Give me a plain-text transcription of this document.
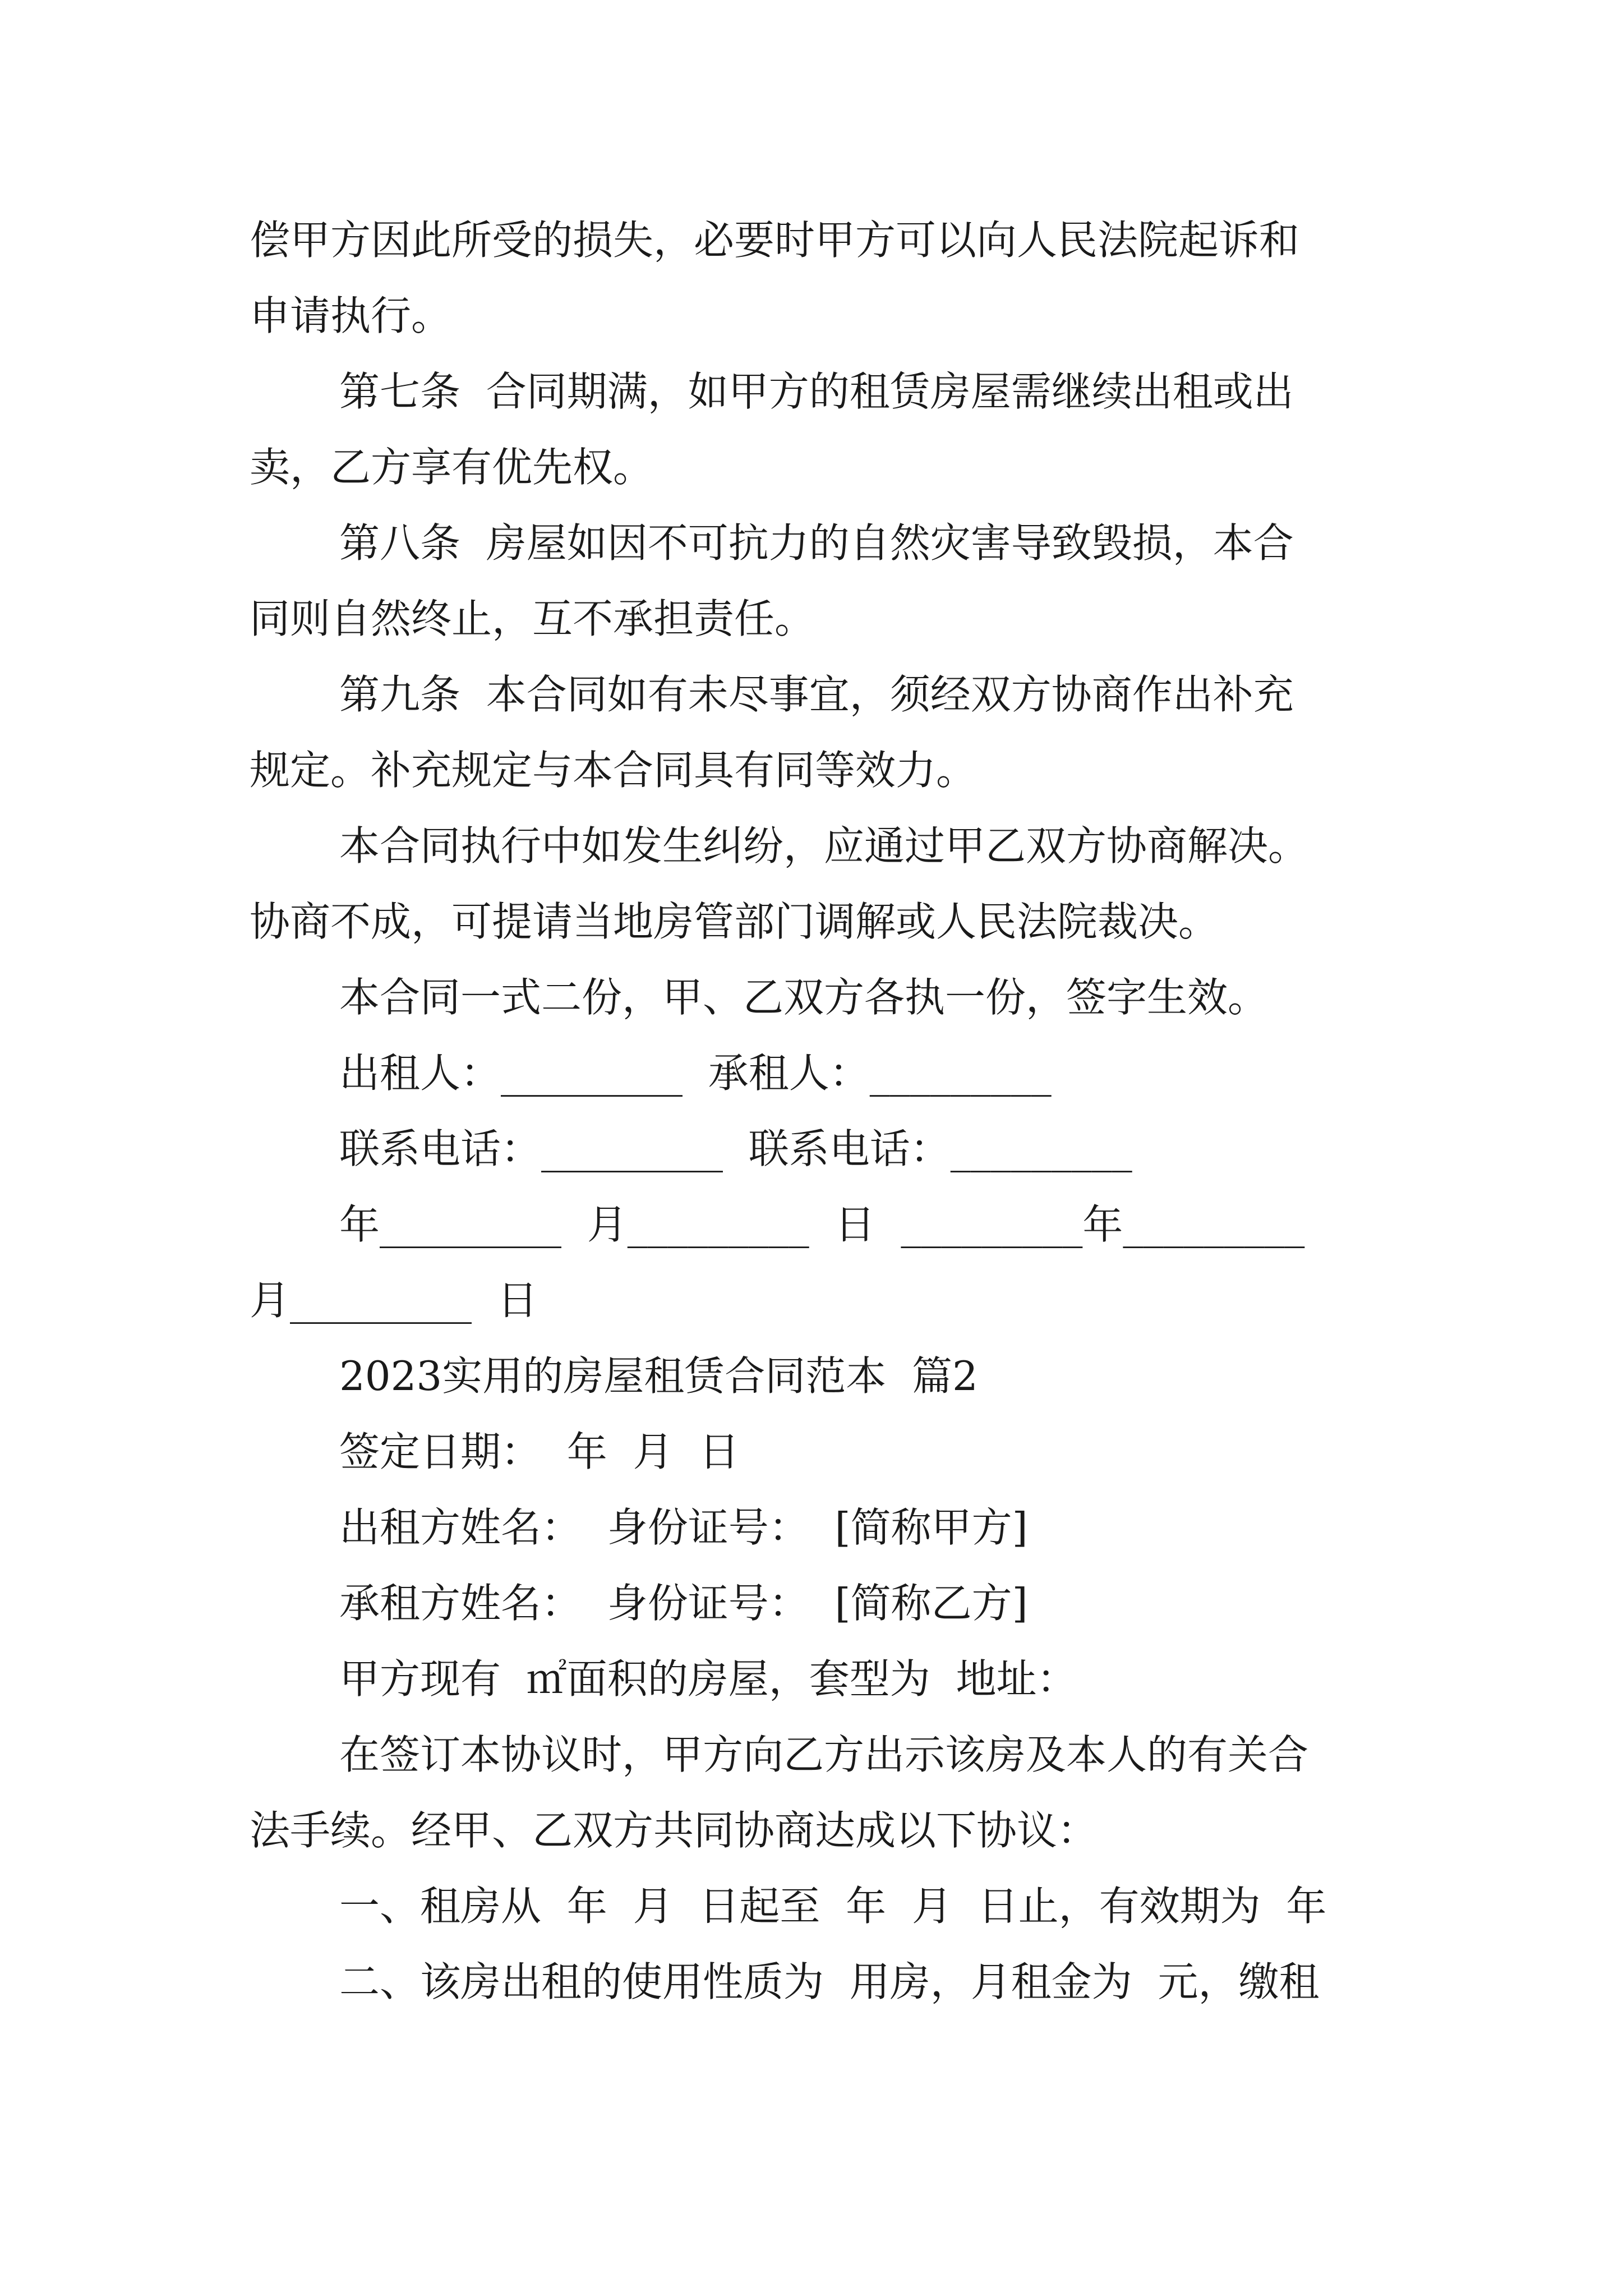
偿甲方因此所受的损失，必要时甲方可以向人民法院起诉和

申请执行。

第七条  合同期满，如甲方的租赁房屋需继续出租或出

卖，乙方享有优先权。

第八条  房屋如因不可抗力的自然灾害导致毁损，本合

同则自然终止，互不承担责任。

第九条  本合同如有未尽事宜，须经双方协商作出补充

规定。补充规定与本合同具有同等效力。

本合同执行中如发生纠纷，应通过甲乙双方协商解决。

协商不成，可提请当地房管部门调解或人民法院裁决。

本合同一式二份，甲、乙双方各执一份，签字生效。

出租人：_________  承租人：_________

联系电话：_________  联系电话：_________

年_________  月_________  日  _________年_________

月_________  日

2023实用的房屋租赁合同范本  篇2

签定日期：  年  月  日

出租方姓名：  身份证号：  [简称甲方]

承租方姓名：  身份证号：  [简称乙方]

甲方现有  ㎡面积的房屋，套型为  地址：

在签订本协议时，甲方向乙方出示该房及本人的有关合

法手续。经甲、乙双方共同协商达成以下协议：

一、租房从  年  月  日起至  年  月  日止，有效期为  年

二、该房出租的使用性质为  用房，月租金为  元，缴租
